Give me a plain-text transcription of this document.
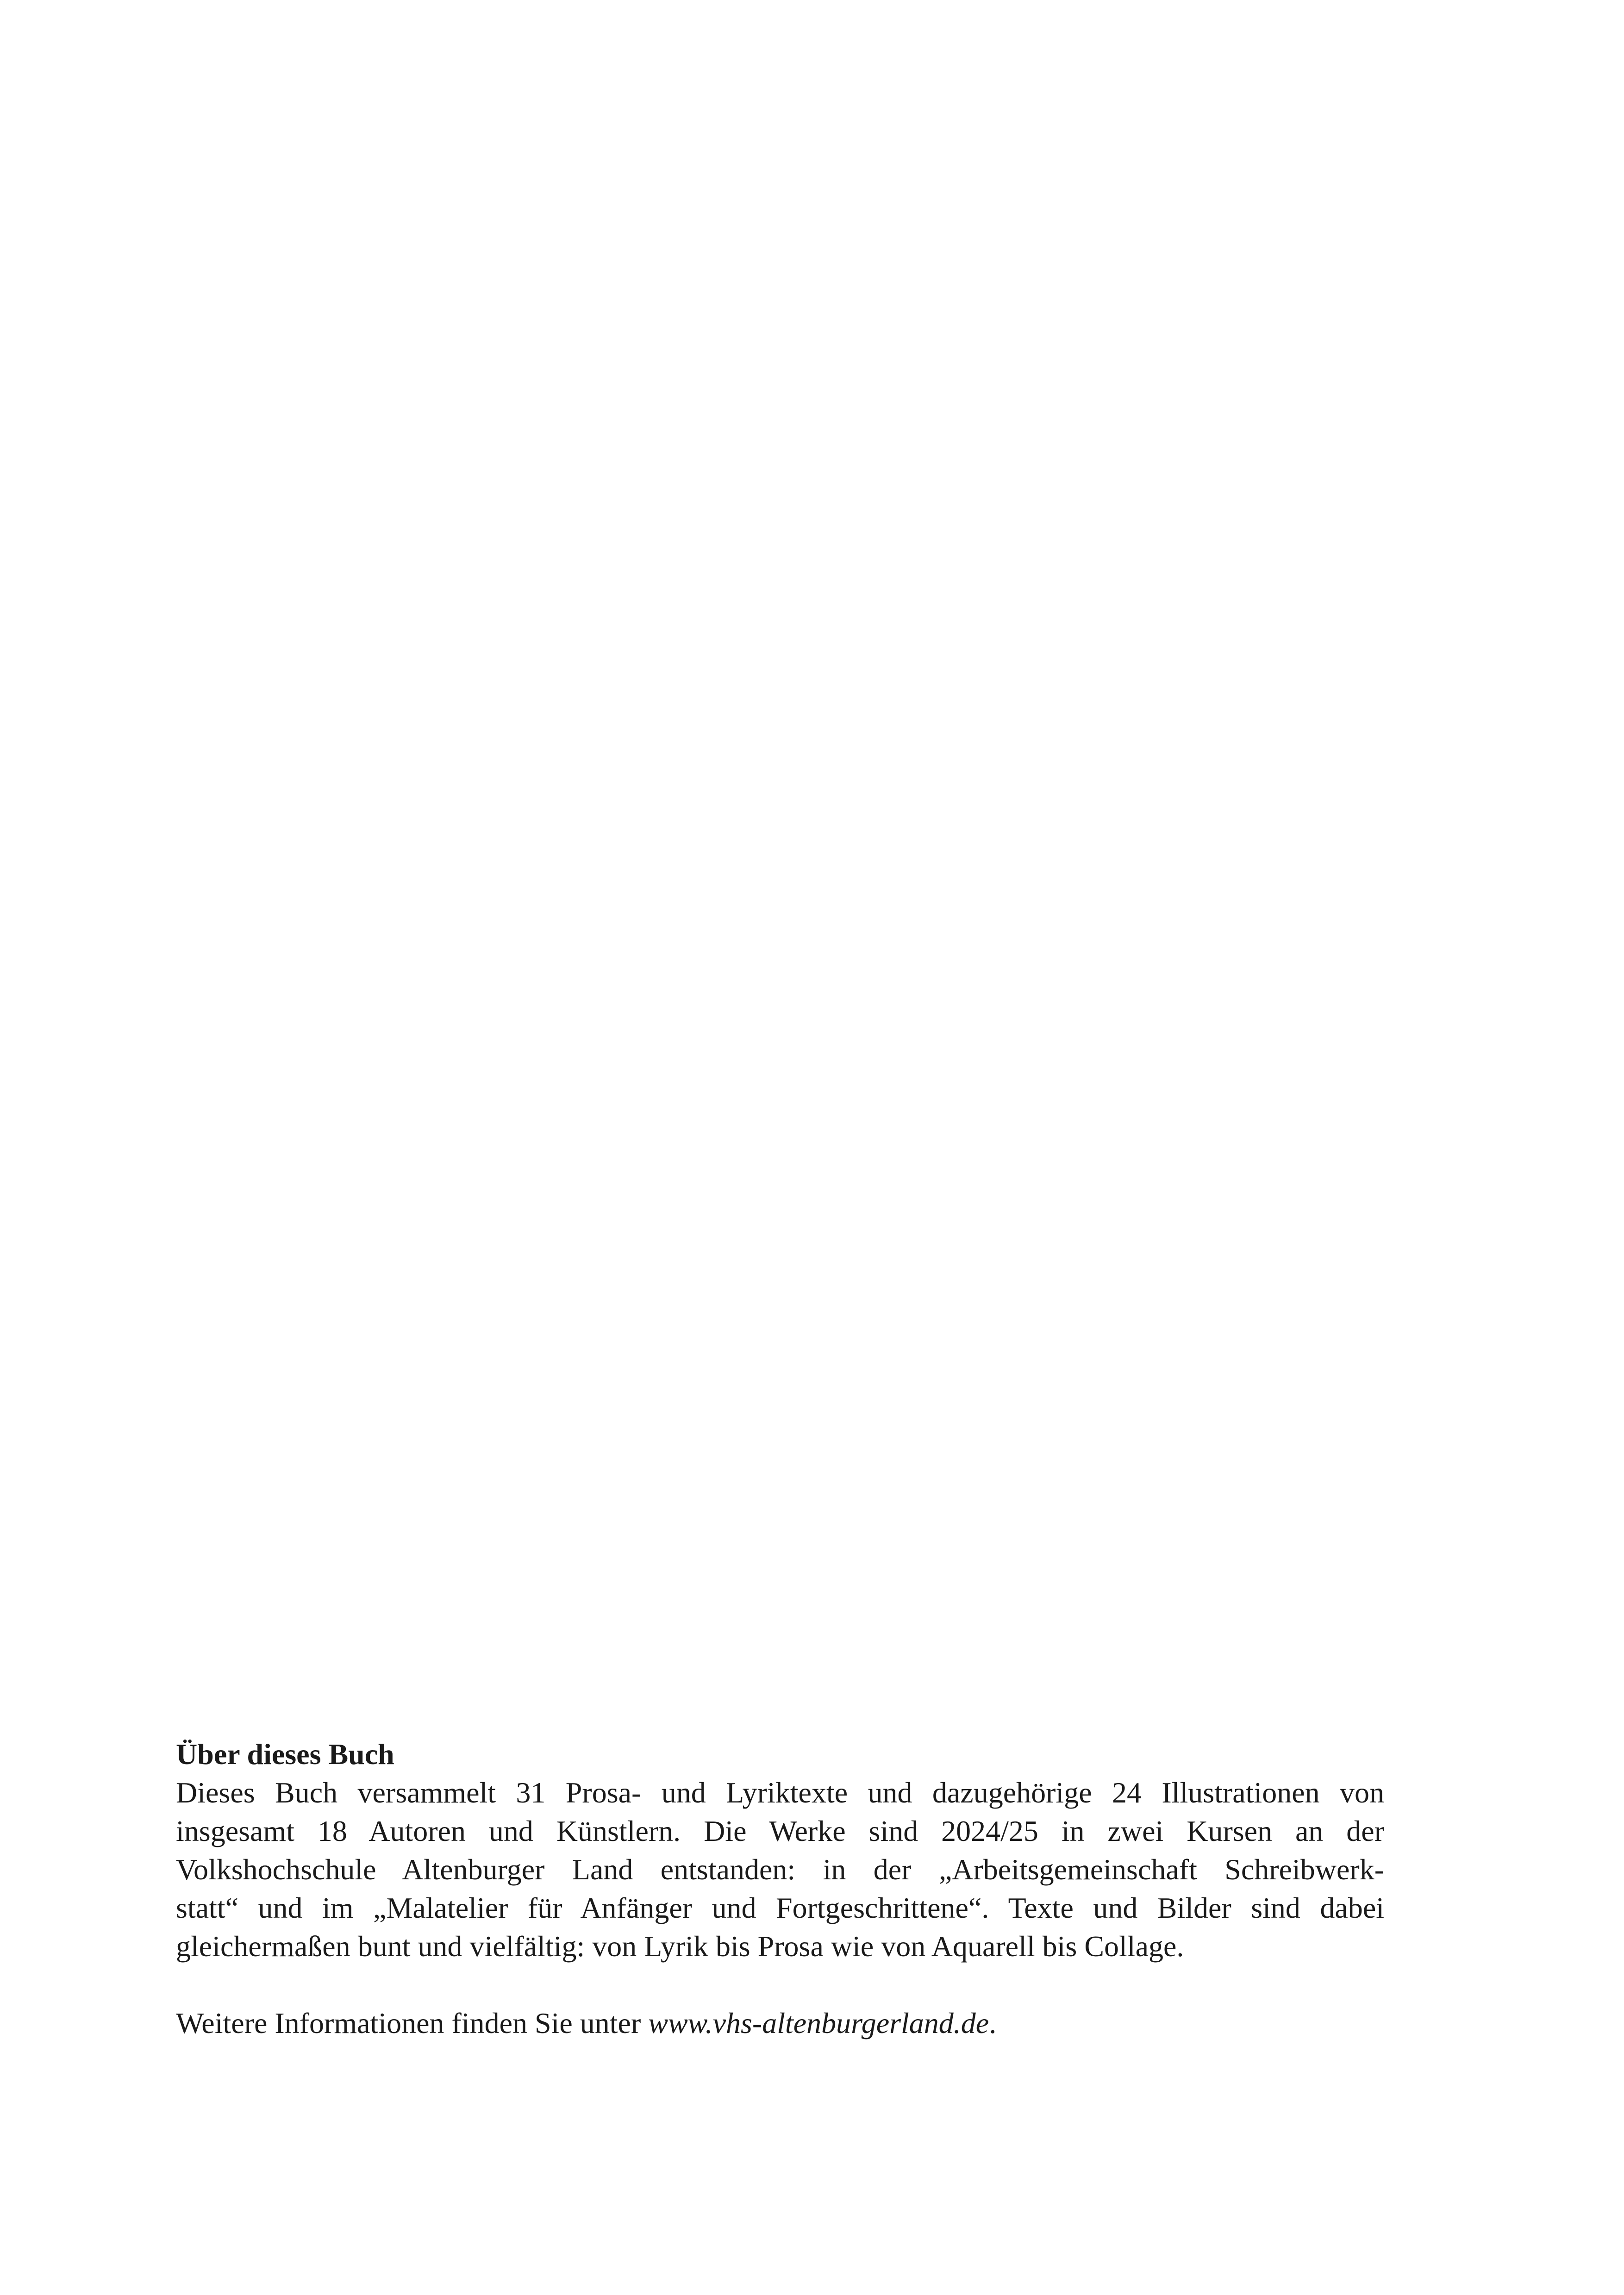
Über dieses Buch

Dieses Buch versammelt 31 Prosa- und Lyriktexte und dazugehörige 24 Illustrationen von
insgesamt 18 Autoren und Künstlern. Die Werke sind 2024/25 in zwei Kursen an der
Volkshochschule Altenburger Land entstanden: in der „Arbeitsgemeinschaft Schreibwerk-
statt“ und im „Malatelier für Anfänger und Fortgeschrittene“. Texte und Bilder sind dabei
gleichermaßen bunt und vielfältig: von Lyrik bis Prosa wie von Aquarell bis Collage.
Weitere Informationen finden Sie unter www.vhs-altenburgerland.de.
